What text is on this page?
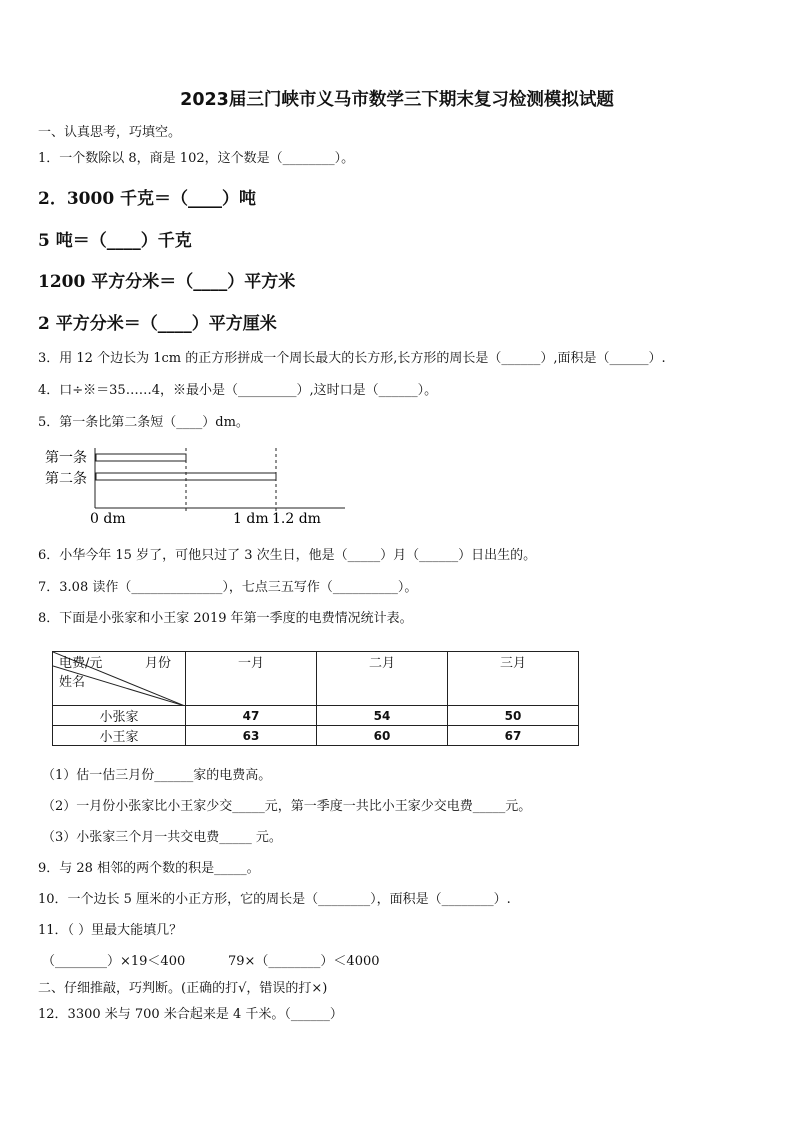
2023届三门峡市义马市数学三下期末复习检测模拟试题
一、认真思考，巧填空。
1．一个数除以 8，商是 102，这个数是（________）。
2．3000 千克＝（____）吨
5 吨＝（____）千克
1200 平方分米＝（____）平方米
2 平方分米＝（____）平方厘米
3．用 12 个边长为 1cm 的正方形拼成一个周长最大的长方形,长方形的周长是（______）,面积是（______）.
4．口÷※＝35……4，※最小是（_________）,这时口是（______）。
5．第一条比第二条短（____）dm。
第一条
第二条
0 dm	1 dm 1.2 dm
6．小华今年 15 岁了，可他只过了 3 次生日，他是（_____）月（______）日出生的。
7．3.08 读作（______________），七点三五写作（__________）。
8．下面是小张家和小王家 2019 年第一季度的电费情况统计表。
电费/元 月份
姓名	一月	二月	三月
小张家	47	54	50
小王家	63	60	67
（1）估一估三月份______家的电费高。
（2）一月份小张家比小王家少交_____元，第一季度一共比小王家少交电费_____元。
（3）小张家三个月一共交电费_____ 元。
9．与 28 相邻的两个数的积是_____。
10．一个边长 5 厘米的小正方形，它的周长是（________），面积是（________）.
11．（ ）里最大能填几？
（________）×19＜400	79×（________）＜4000
二、仔细推敲，巧判断。(正确的打√，错误的打×)
12．3300 米与 700 米合起来是 4 千米。（______）
